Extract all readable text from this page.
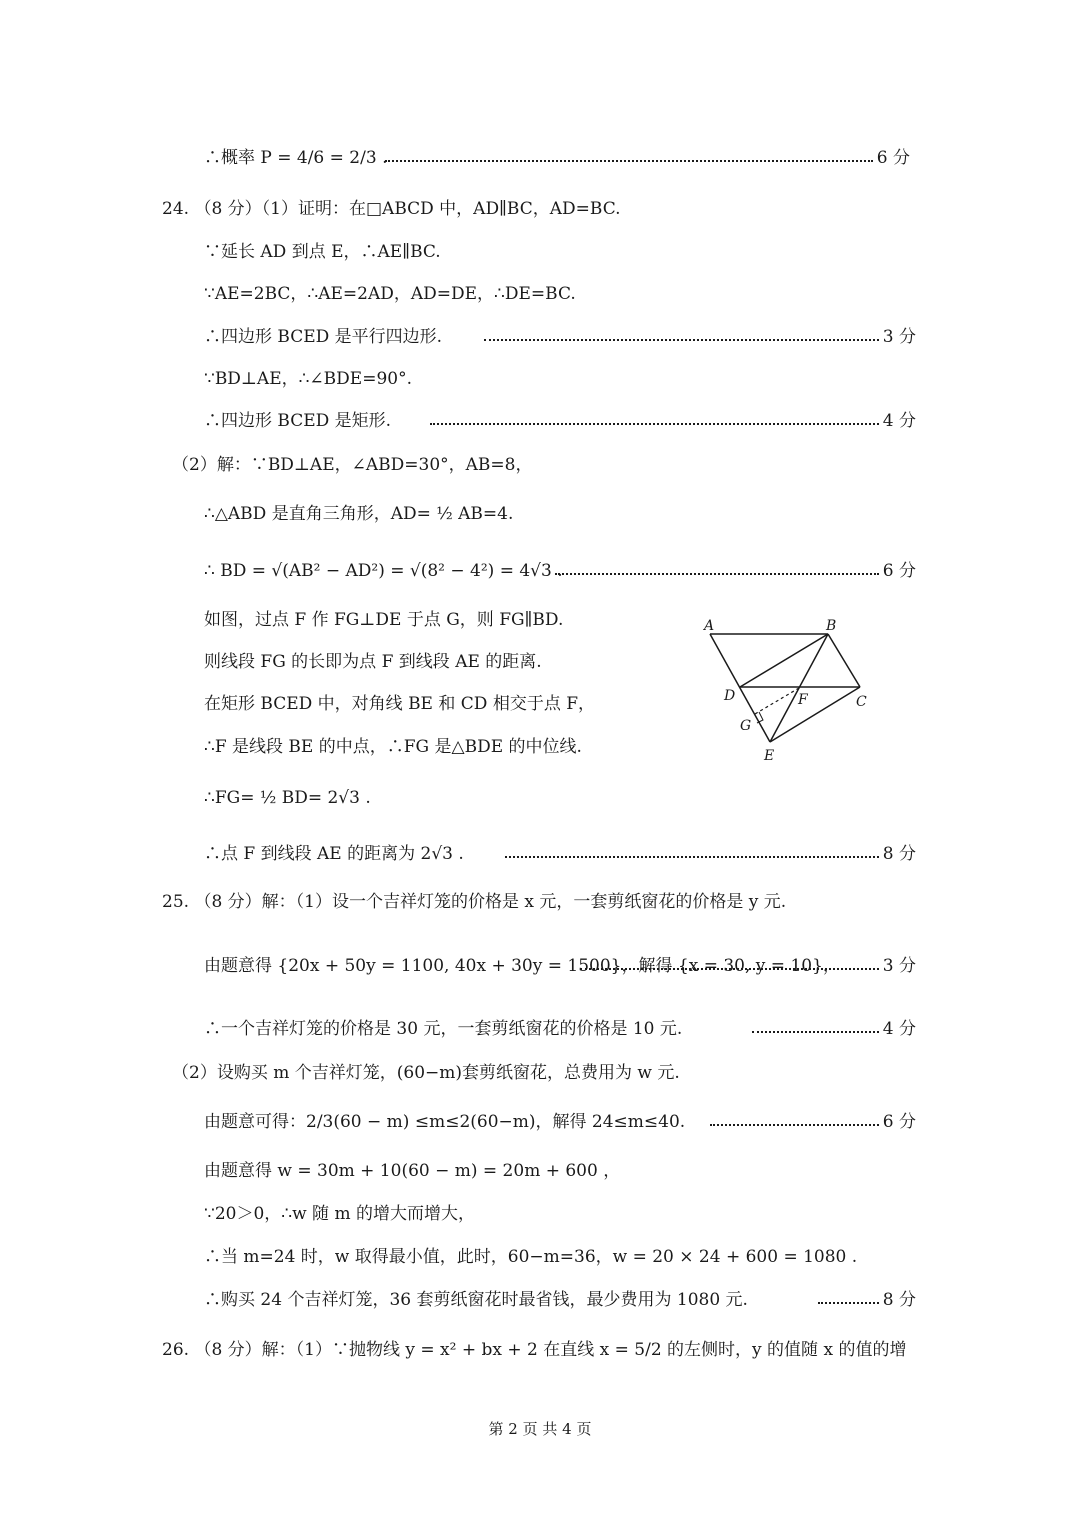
∴概率 P = 4/6 = 2/3 .	6 分
24. （8 分）（1）证明：在□ABCD 中，AD∥BC，AD=BC.
∵延长 AD 到点 E，∴AE∥BC.
∵AE=2BC，∴AE=2AD，AD=DE，∴DE=BC.
∴四边形 BCED 是平行四边形.	3 分
∵BD⊥AE，∴∠BDE=90°.
∴四边形 BCED 是矩形.	4 分
（2）解：∵BD⊥AE，∠ABD=30°，AB=8，
∴△ABD 是直角三角形，AD= ½ AB=4.
∴ BD = √(AB² − AD²) = √(8² − 4²) = 4√3 .	6 分
如图，过点 F 作 FG⊥DE 于点 G，则 FG∥BD.
则线段 FG 的长即为点 F 到线段 AE 的距离.
在矩形 BCED 中，对角线 BE 和 CD 相交于点 F，
∴F 是线段 BE 的中点，∴FG 是△BDE 的中位线.
∴FG= ½ BD= 2√3 .
∴点 F 到线段 AE 的距离为 2√3 .	8 分
A	B
D	F	C
G
E
25. （8 分）解：（1）设一个吉祥灯笼的价格是 x 元，一套剪纸窗花的价格是 y 元.
由题意得 {20x + 50y = 1100, 40x + 30y = 1500}，解得 {x = 30, y = 10}，	3 分
∴一个吉祥灯笼的价格是 30 元，一套剪纸窗花的价格是 10 元.	4 分
（2）设购买 m 个吉祥灯笼，(60−m)套剪纸窗花，总费用为 w 元.
由题意可得：2/3(60 − m) ≤m≤2(60−m)，解得 24≤m≤40.	6 分
由题意得 w = 30m + 10(60 − m) = 20m + 600 ，
∵20＞0，∴w 随 m 的增大而增大，
∴当 m=24 时，w 取得最小值，此时，60−m=36，w = 20 × 24 + 600 = 1080 .
∴购买 24 个吉祥灯笼，36 套剪纸窗花时最省钱，最少费用为 1080 元.	8 分
26. （8 分）解：（1）∵抛物线 y = x² + bx + 2 在直线 x = 5/2 的左侧时，y 的值随 x 的值的增
第 2 页 共 4 页
